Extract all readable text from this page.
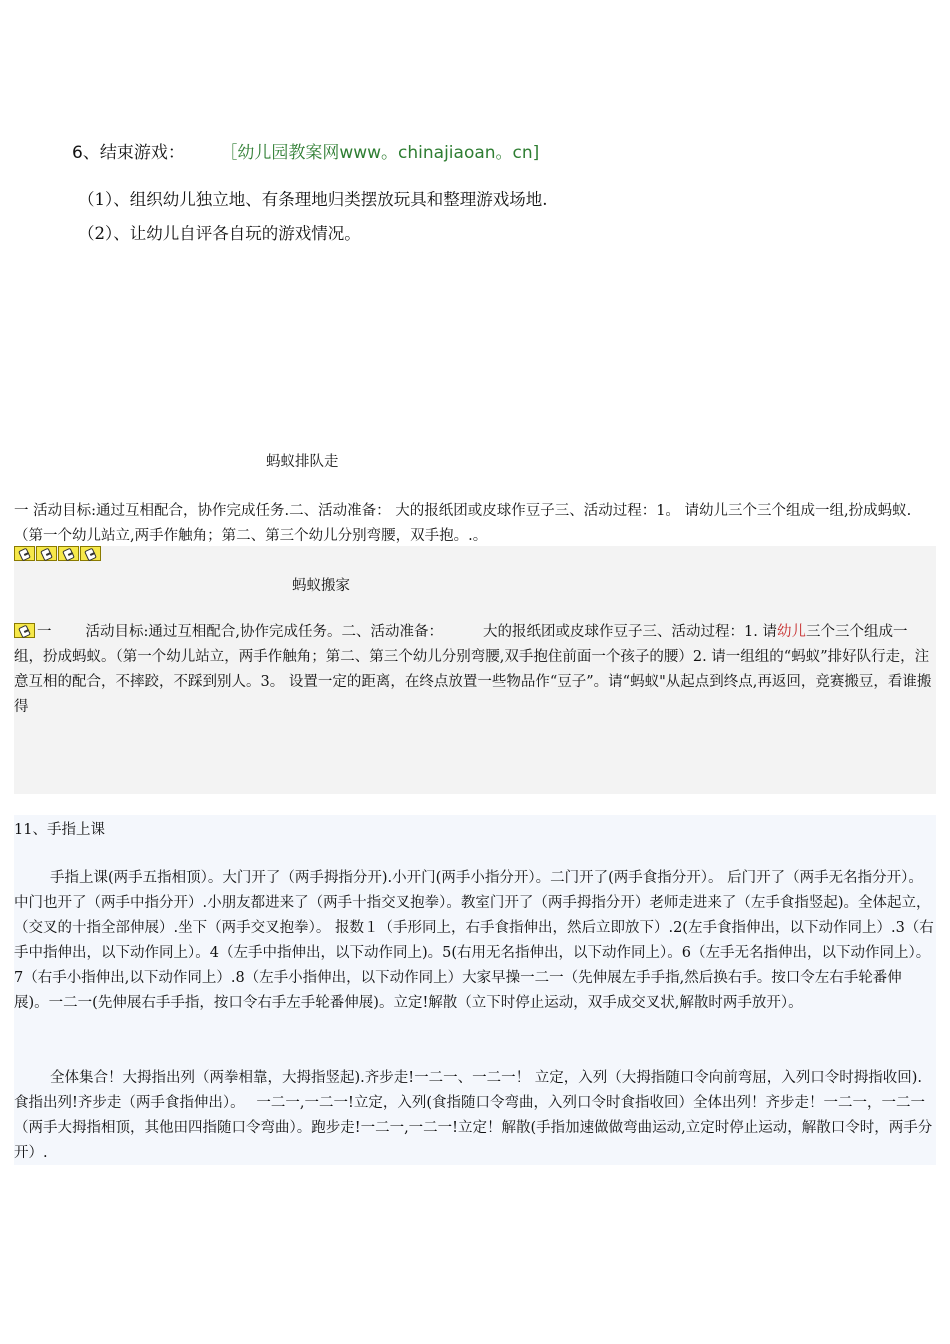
6、结束游戏：	［幼儿园教案网www。chinajiaoan。cn]
（1）、组织幼儿独立地、有条理地归类摆放玩具和整理游戏场地.
（2）、让幼儿自评各自玩的游戏情况。
蚂蚁排队走

一 活动目标:通过互相配合，协作完成任务.二、活动准备： 大的报纸团或皮球作豆子三、活动过程：1。 请幼儿三个三个组成一组,扮成蚂蚁.（第一个幼儿站立,两手作触角；第二、第三个幼儿分别弯腰，双手抱。.。

蚂蚁搬家

一 活动目标:通过互相配合,协作完成任务。二、活动准备：	大的报纸团或皮球作豆子三、活动过程：1. 请幼儿三个三个组成一组，扮成蚂蚁。（第一个幼儿站立，两手作触角；第二、第三个幼儿分别弯腰,双手抱住前面一个孩子的腰）2. 请一组组的“蚂蚁”排好队行走，注意互相的配合，不摔跤，不踩到别人。3。 设置一定的距离，在终点放置一些物品作“豆子”。请“蚂蚁"从起点到终点,再返回，竞赛搬豆，看谁搬得

11、手指上课

手指上课(两手五指相顶）。大门开了（两手拇指分开).小开门(两手小指分开）。二门开了(两手食指分开）。 后门开了（两手无名指分开）。中门也开了（两手中指分开）.小朋友都进来了（两手十指交叉抱拳）。教室门开了（两手拇指分开）老师走进来了（左手食指竖起)。全体起立，（交叉的十指全部伸展）.坐下（两手交叉抱拳）。 报数１（手形同上，右手食指伸出，然后立即放下）.2(左手食指伸出，以下动作同上）.3（右手中指伸出，以下动作同上）。4（左手中指伸出，以下动作同上)。5(右用无名指伸出，以下动作同上）。6（左手无名指伸出，以下动作同上）。7（右手小指伸出,以下动作同上）.8（左手小指伸出，以下动作同上）大家早操一二一（先伸展左手手指,然后换右手。按口令左右手轮番伸展)。一二一(先伸展右手手指，按口令右手左手轮番伸展)。立定!解散（立下时停止运动，双手成交叉状,解散时两手放开）。

全体集合！大拇指出列（两拳相靠，大拇指竖起).齐步走!一二一、一二一！ 立定，入列（大拇指随口令向前弯屈，入列口令时拇指收回).食指出列!齐步走（两手食指伸出）。　 一二一,一二一!立定，入列(食指随口令弯曲，入列口令时食指收回）全体出列！齐步走！一二一，一二一（两手大拇指相顶，其他田四指随口令弯曲）。跑步走!一二一,一二一!立定！解散(手指加速做做弯曲运动,立定时停止运动，解散口令时，两手分开）.
